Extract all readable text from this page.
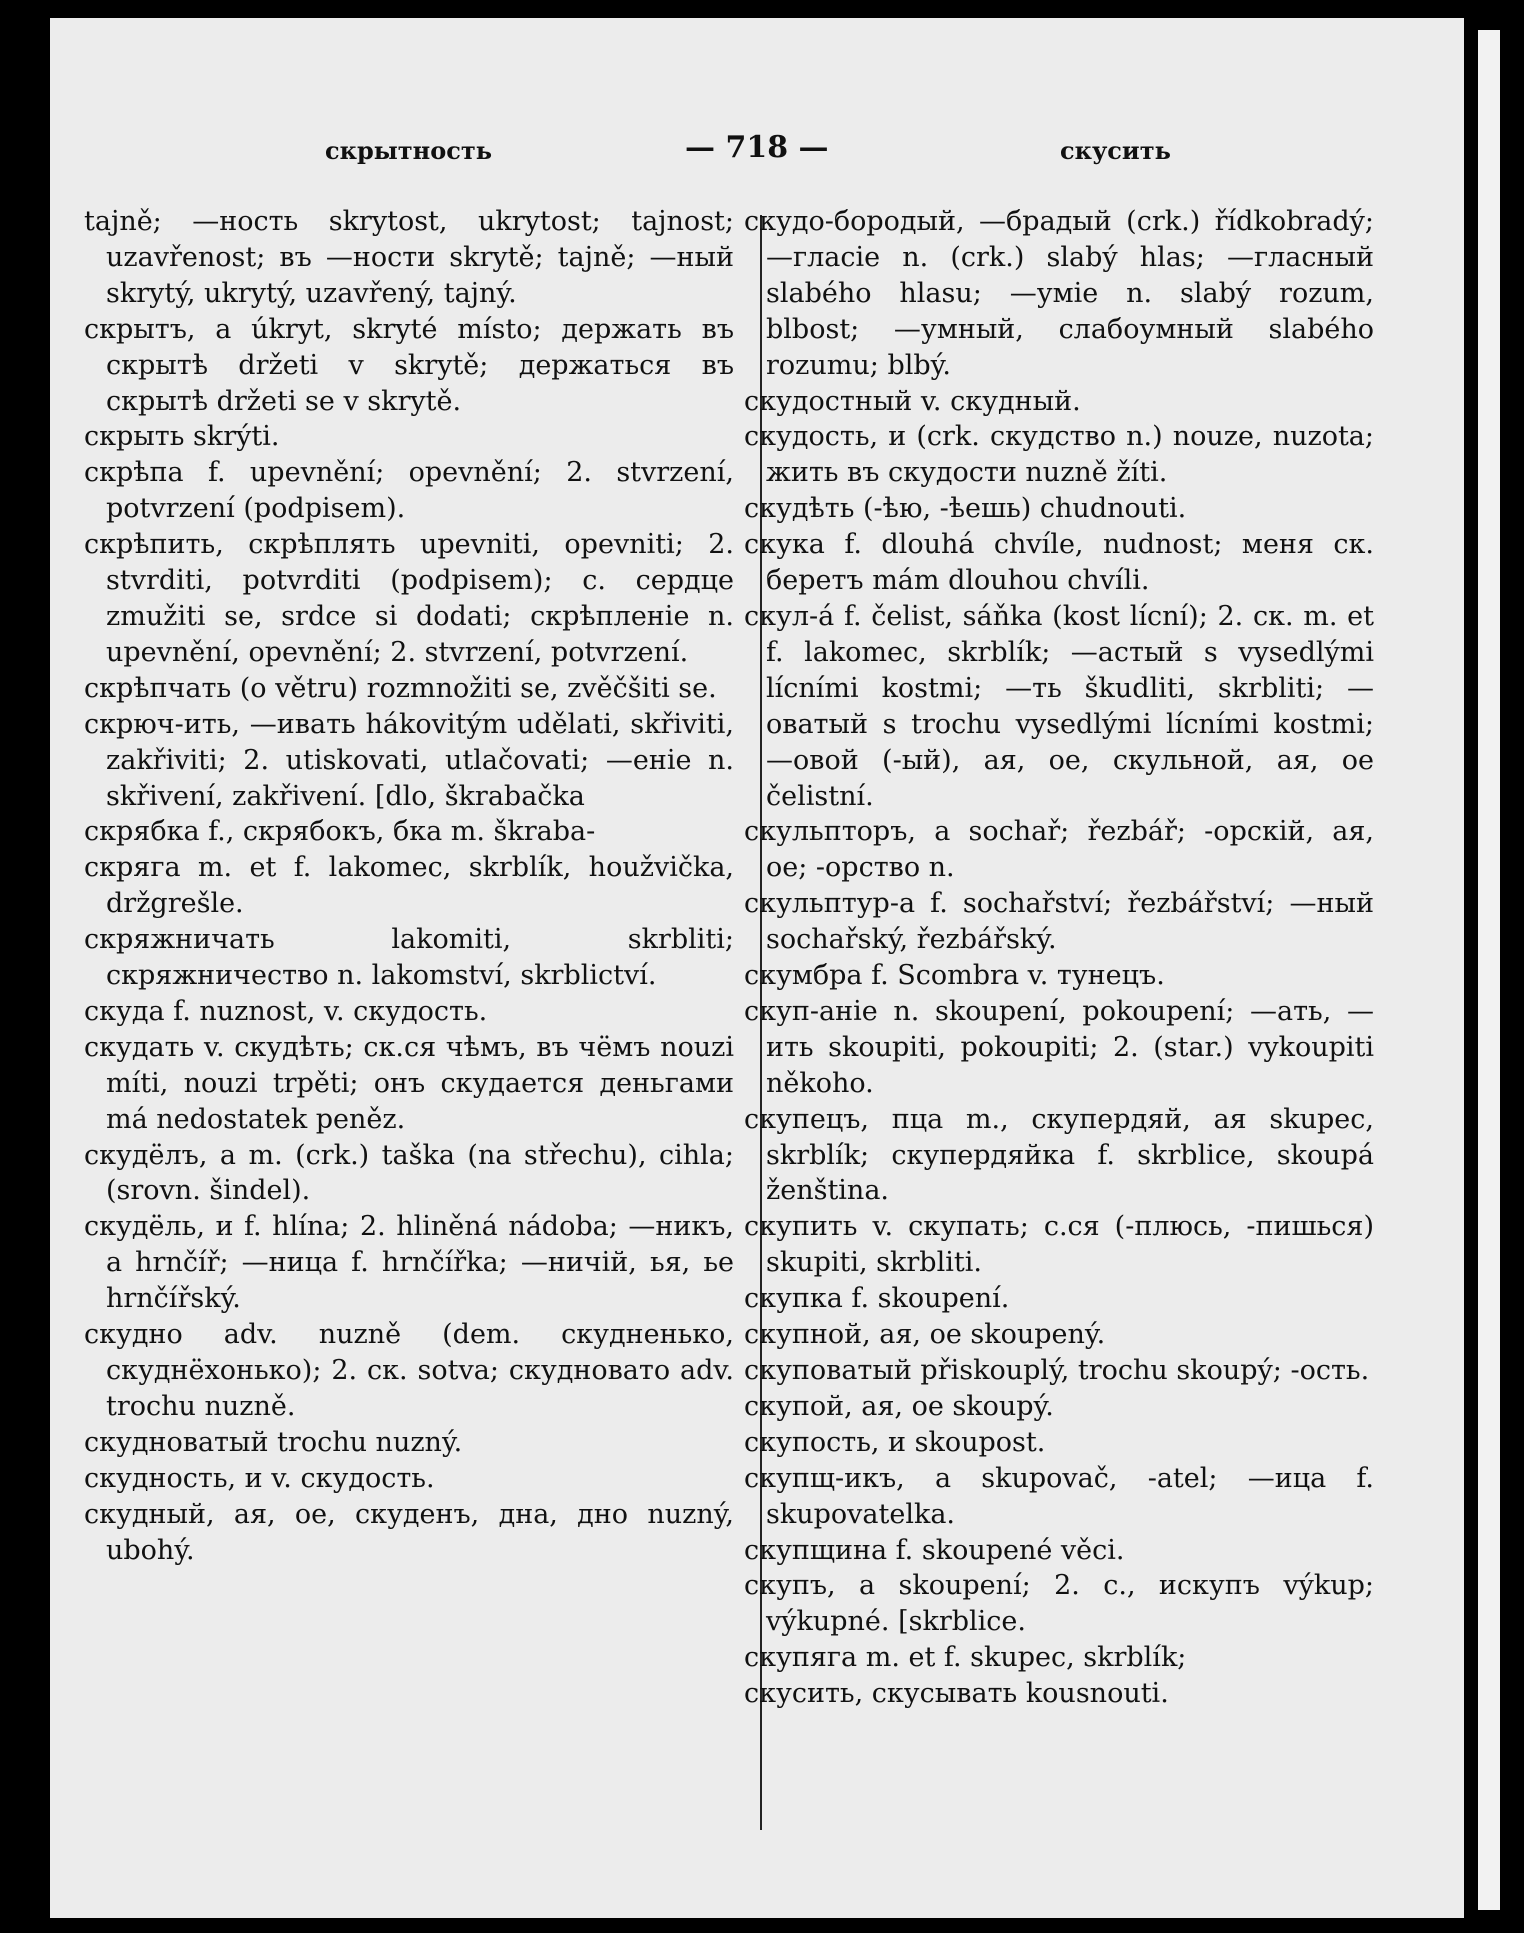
скрытность	— 718 —	скусить

tajně; —ность skrytost, ukrytost; tajnost; uzavřenost; въ —ности skrytě; tajně; —ный skrytý, ukrytý, uzavřený, tajný.

скрытъ, а úkryt, skryté místo; держать въ скрытѣ držeti v skrytě; держаться въ скрытѣ držeti se v skrytě.

скрыть skrýti.

скрѣпа f. upevnění; opevnění; 2. stvrzení, potvrzení (podpisem).

скрѣпить, скрѣплять upevniti, opevniti; 2. stvrditi, potvrditi (podpisem); с. сердце zmužiti se, srdce si dodati; скрѣпленіе n. upevnění, opevnění; 2. stvrzení, potvrzení.

скрѣпчать (o větru) rozmnožiti se, zvěčšiti se.

скрюч-ить, —ивать hákovitým udělati, skřiviti, zakřiviti; 2. utiskovati, utlačovati; —еніе n. skřivení, zakřivení. [dlo, škrabačka

скрябка f., скрябокъ, бка m. škraba-

скряга m. et f. lakomec, skrblík, houžvička, držgrešle.

скряжничать lakomiti, skrbliti; скряжничество n. lakomství, skrblictví.

скуда f. nuznost, v. скудость.

скудать v. скудѣть; ск.ся чѣмъ, въ чёмъ nouzi míti, nouzi trpěti; онъ скудается деньгами má nedostatek peněz.

скудёлъ, а m. (crk.) taška (na střechu), cihla; (srovn. šindel).

скудёль, и f. hlína; 2. hliněná nádoba; —никъ, а hrnčíř; —ница f. hrnčířka; —ничій, ья, ье hrnčířský.

скудно adv. nuzně (dem. скудненько, скуднёхонько); 2. ск. sotva; скудновато adv. trochu nuzně.

скудноватый trochu nuzný.

скудность, и v. скудость.

скудный, ая, ое, скуденъ, дна, дно nuzný, ubohý.

скудо-бородый, —брадый (crk.) řídkobradý; —гласіе n. (crk.) slabý hlas; —гласный slabého hlasu; —уміе n. slabý rozum, blbost; —умный, слабоумный slabého rozumu; blbý.

скудостный v. скудный.

скудость, и (crk. скудство n.) nouze, nuzota; жить въ скудости nuzně žíti.

скудѣть (-ѣю, -ѣешь) chudnouti.

скука f. dlouhá chvíle, nudnost; меня ск. беретъ mám dlouhou chvíli.

скул-á f. čelist, sáňka (kost lícní); 2. ск. m. et f. lakomec, skrblík; —астый s vysedlými lícními kostmi; —ть škudliti, skrbliti; —оватый s trochu vysedlými lícními kostmi; —овой (-ый), ая, ое, скульной, ая, ое čelistní.

скульпторъ, а sochař; řezbář; -орскій, ая, ое; -орство n.

скульптур-а f. sochařství; řezbářství; —ный sochařský, řezbářský.

скумбра f. Scombra v. тунецъ.

скуп-аніе n. skoupení, pokoupení; —ать, —ить skoupiti, pokoupiti; 2. (star.) vykoupiti někoho.

скупецъ, пца m., скупердяй, ая skupec, skrblík; скупердяйка f. skrblice, skoupá ženština.

скупить v. скупать; с.ся (-плюсь, -пишься) skupiti, skrbliti.

скупка f. skoupení.

скупной, ая, ое skoupený.

скуповатый přiskouplý, trochu skoupý; -ость.

скупой, ая, ое skoupý.

скупость, и skoupost.

скупщ-икъ, а skupovač, -atel; —ица f. skupovatelka.

скупщина f. skoupené věci.

скупъ, а skoupení; 2. с., искупъ výkup; výkupné. [skrblice.

скупяга m. et f. skupec, skrblík;

скусить, скусывать kousnouti.
